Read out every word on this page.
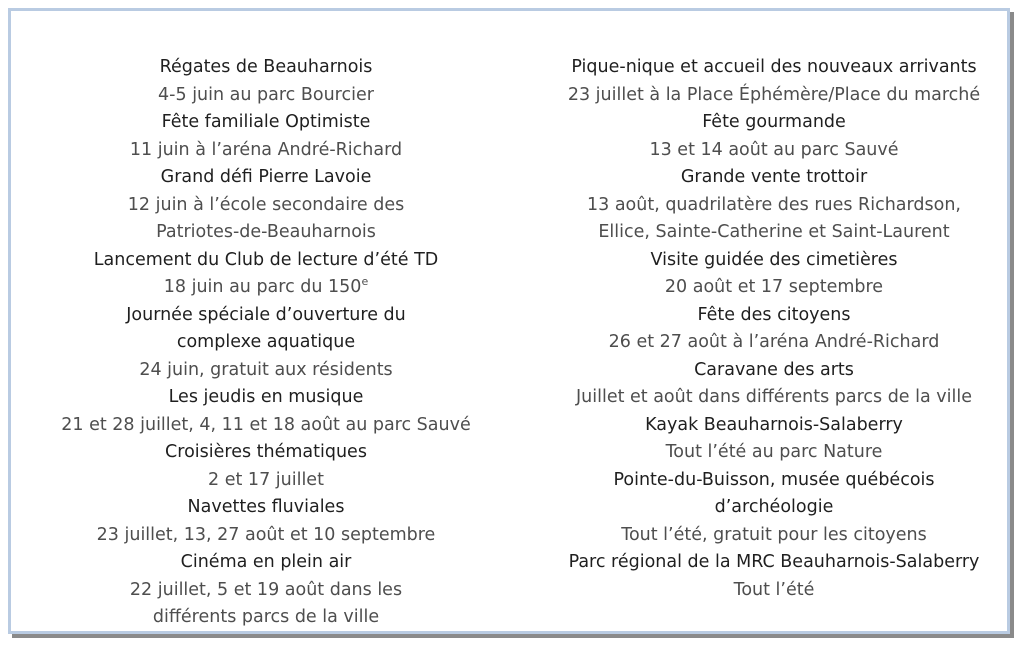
Régates de Beauharnois
4-5 juin au parc Bourcier
Fête familiale Optimiste
11 juin à l’aréna André-Richard
Grand défi Pierre Lavoie
12 juin à l’école secondaire des
Patriotes-de-Beauharnois
Lancement du Club de lecture d’été TD
18 juin au parc du 150e
Journée spéciale d’ouverture du
complexe aquatique
24 juin, gratuit aux résidents
Les jeudis en musique
21 et 28 juillet, 4, 11 et 18 août au parc Sauvé
Croisières thématiques
2 et 17 juillet
Navettes fluviales
23 juillet, 13, 27 août et 10 septembre
Cinéma en plein air
22 juillet, 5 et 19 août dans les
différents parcs de la ville
Pique-nique et accueil des nouveaux arrivants
23 juillet à la Place Éphémère/Place du marché
Fête gourmande
13 et 14 août au parc Sauvé
Grande vente trottoir
13 août, quadrilatère des rues Richardson,
Ellice, Sainte-Catherine et Saint-Laurent
Visite guidée des cimetières
20 août et 17 septembre
Fête des citoyens
26 et 27 août à l’aréna André-Richard
Caravane des arts
Juillet et août dans différents parcs de la ville
Kayak Beauharnois-Salaberry
Tout l’été au parc Nature
Pointe-du-Buisson, musée québécois
d’archéologie
Tout l’été, gratuit pour les citoyens
Parc régional de la MRC Beauharnois-Salaberry
Tout l’été
